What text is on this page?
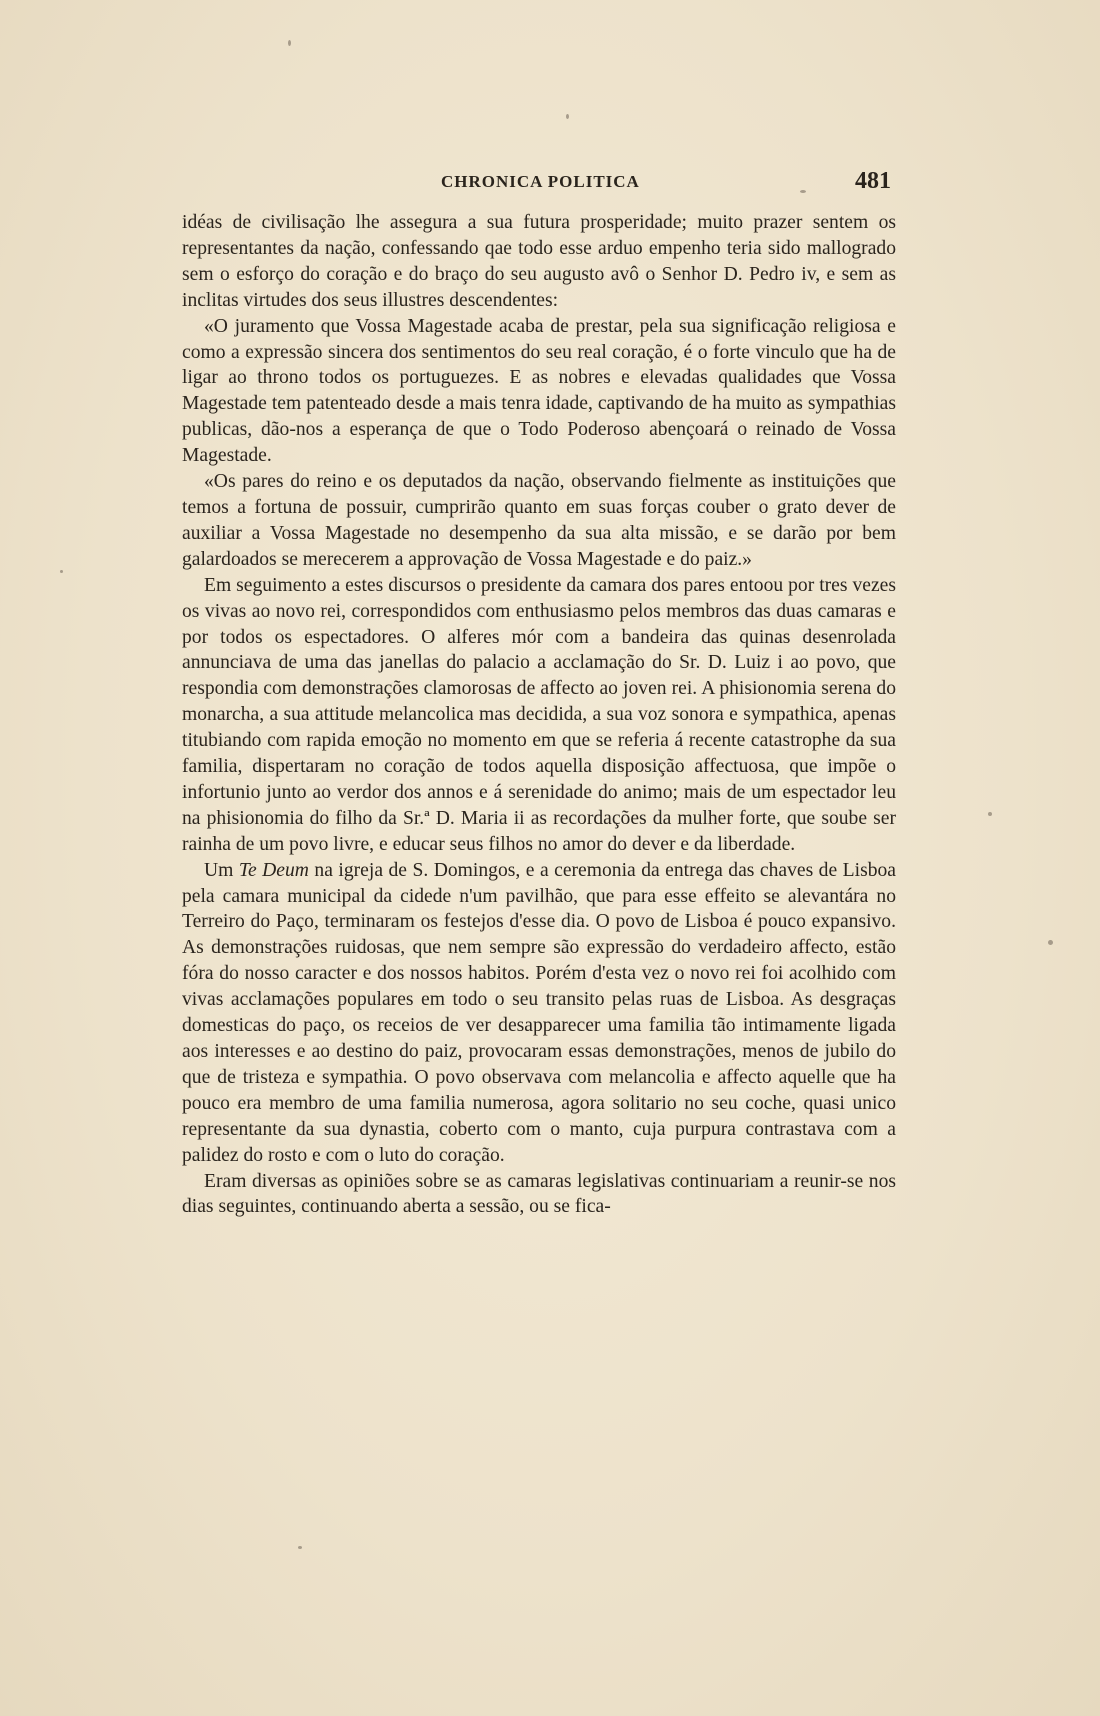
CHRONICA POLITICA	481

idéas de civilisação lhe assegura a sua futura prosperidade; muito prazer sentem os representantes da nação, confessando qae todo esse arduo empenho teria sido mallogrado sem o esforço do coração e do braço do seu augusto avô o Senhor D. Pedro iv, e sem as inclitas virtudes dos seus illustres descendentes:

«O juramento que Vossa Magestade acaba de prestar, pela sua significação religiosa e como a expressão sincera dos sentimentos do seu real coração, é o forte vinculo que ha de ligar ao throno todos os portuguezes. E as nobres e elevadas qualidades que Vossa Magestade tem patenteado desde a mais tenra idade, captivando de ha muito as sympathias publicas, dão-nos a esperança de que o Todo Poderoso abençoará o reinado de Vossa Magestade.

«Os pares do reino e os deputados da nação, observando fielmente as instituições que temos a fortuna de possuir, cumprirão quanto em suas forças couber o grato dever de auxiliar a Vossa Magestade no desempenho da sua alta missão, e se darão por bem galardoados se merecerem a approvação de Vossa Magestade e do paiz.»

Em seguimento a estes discursos o presidente da camara dos pares entoou por tres vezes os vivas ao novo rei, correspondidos com enthusiasmo pelos membros das duas camaras e por todos os espectadores. O alferes mór com a bandeira das quinas desenrolada annunciava de uma das janellas do palacio a acclamação do Sr. D. Luiz i ao povo, que respondia com demonstrações clamorosas de affecto ao joven rei. A phisionomia serena do monarcha, a sua attitude melancolica mas decidida, a sua voz sonora e sympathica, apenas titubiando com rapida emoção no momento em que se referia á recente catastrophe da sua familia, dispertaram no coração de todos aquella disposição affectuosa, que impõe o infortunio junto ao verdor dos annos e á serenidade do animo; mais de um espectador leu na phisionomia do filho da Sr.ª D. Maria ii as recordações da mulher forte, que soube ser rainha de um povo livre, e educar seus filhos no amor do dever e da liberdade.

Um Te Deum na igreja de S. Domingos, e a ceremonia da entrega das chaves de Lisboa pela camara municipal da cidede n'um pavilhão, que para esse effeito se alevantára no Terreiro do Paço, terminaram os festejos d'esse dia. O povo de Lisboa é pouco expansivo. As demonstrações ruidosas, que nem sempre são expressão do verdadeiro affecto, estão fóra do nosso caracter e dos nossos habitos. Porém d'esta vez o novo rei foi acolhido com vivas acclamações populares em todo o seu transito pelas ruas de Lisboa. As desgraças domesticas do paço, os receios de ver desapparecer uma familia tão intimamente ligada aos interesses e ao destino do paiz, provocaram essas demonstrações, menos de jubilo do que de tristeza e sympathia. O povo observava com melancolia e affecto aquelle que ha pouco era membro de uma familia numerosa, agora solitario no seu coche, quasi unico representante da sua dynastia, coberto com o manto, cuja purpura contrastava com a palidez do rosto e com o luto do coração.

Eram diversas as opiniões sobre se as camaras legislativas continuariam a reunir-se nos dias seguintes, continuando aberta a sessão, ou se fica-
